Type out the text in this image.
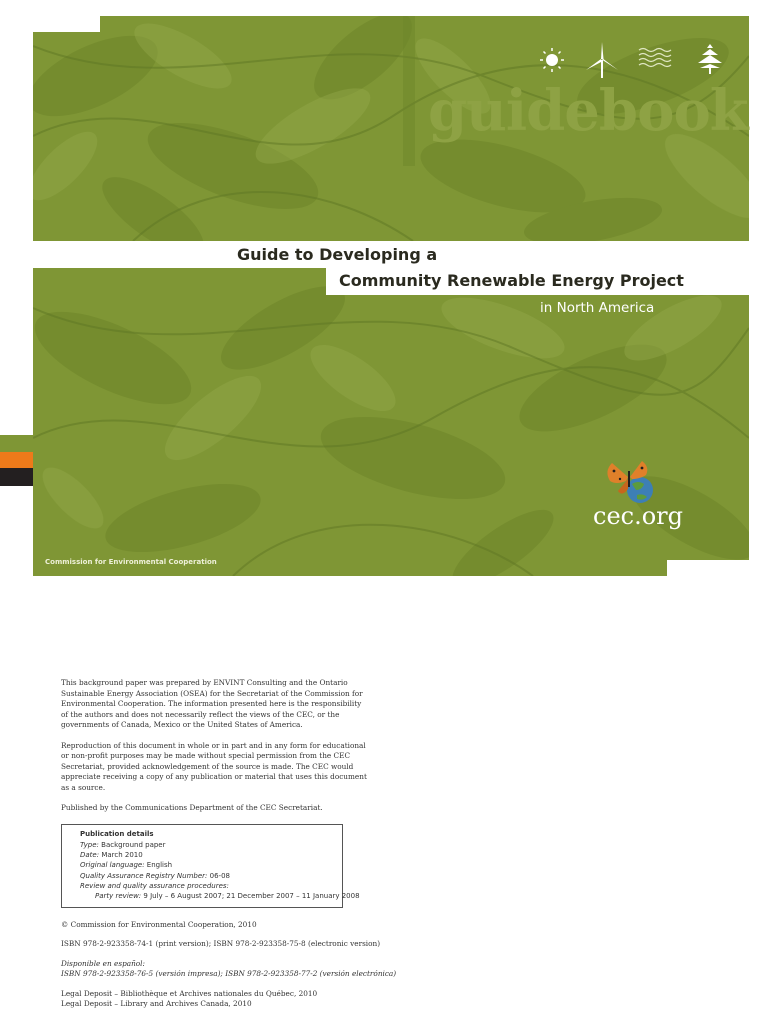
guidebook
Guide to Developing a
Community Renewable Energy Project
in North America
cec.org
Commission for Environmental Cooperation

This background paper was prepared by ENVINT Consulting and the Ontario
Sustainable Energy Association (OSEA) for the Secretariat of the Commission for
Environmental Cooperation. The information presented here is the responsibility
of the authors and does not necessarily reflect the views of the CEC, or the
governments of Canada, Mexico or the United States of America.

Reproduction of this document in whole or in part and in any form for educational
or non-profit purposes may be made without special permission from the CEC
Secretariat, provided acknowledgement of the source is made. The CEC would
appreciate receiving a copy of any publication or material that uses this document
as a source.

Published by the Communications Department of the CEC Secretariat.

Publication details
Type: Background paper
Date: March 2010
Original language: English
Quality Assurance Registry Number: 06-08
Review and quality assurance procedures:
Party review: 9 July – 6 August 2007; 21 December 2007 – 11 January 2008
© Commission for Environmental Cooperation, 2010
ISBN 978-2-923358-74-1 (print version); ISBN 978-2-923358-75-8 (electronic version)
Disponible en español:
ISBN 978-2-923358-76-5 (versión impresa); ISBN 978-2-923358-77-2 (versión electrónica)
Legal Deposit – Bibliothèque et Archives nationales du Québec, 2010
Legal Deposit – Library and Archives Canada, 2010
